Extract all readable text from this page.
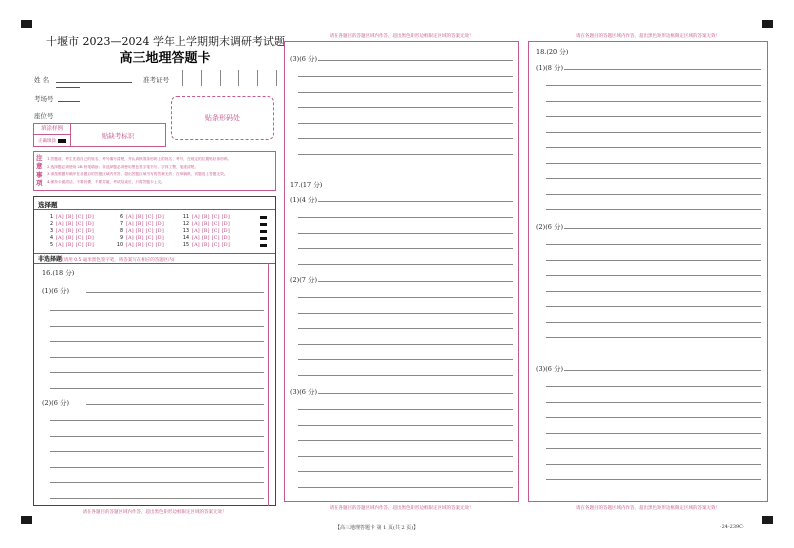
十堰市 2023—2024 学年上学期期末调研考试题
高三地理答题卡
姓 名	准考证号
考场号
座位号	贴条形码处
填涂样例
正确填涂
贴缺考标识
注
意
事
项
1.答题前，考生先将自己的姓名、考号填写清楚，并认真核准条形码上的姓名、考号，在规定的位置贴好条形码。
2.选择题必须使用 2B 铅笔填涂；非选择题必须使用黑色签字笔书写，字体工整，笔迹清楚。
3.请按照题号顺序在各题目的答题区域内作答，超出答题区域书写的答案无效；在草稿纸、试题卷上答题无效。
4.保持卡面清洁，不要折叠，不要弄破，考试结束后，只将答题卡上交。
选择题
1 [A] [B] [C] [D]
2 [A] [B] [C] [D]
3 [A] [B] [C] [D]
4 [A] [B] [C] [D]
5 [A] [B] [C] [D]
6 [A] [B] [C] [D]
7 [A] [B] [C] [D]
8 [A] [B] [C] [D]
9 [A] [B] [C] [D]
10 [A] [B] [C] [D]
11 [A] [B] [C] [D]
12 [A] [B] [C] [D]
13 [A] [B] [C] [D]
14 [A] [B] [C] [D]
15 [A] [B] [C] [D]
非选择题(请用 0.5 毫米黑色签字笔，将答案写在相应的答题区内)
16.(18 分)
(1)(6 分)
(2)(6 分)
请在各题目的答题区域内作答，超出黑色矩形边框限定区域的答案无效！
(3)(6 分)
17.(17 分)
(1)(4 分)
(2)(7 分)
(3)(6 分)
请在各题目的答题区域内作答，超出黑色矩形边框限定区域的答案无效！
请在各题目的答题区域内作答，超出黑色矩形边框限定区域的答案无效！
18.(20 分)
(1)(8 分)
(2)(6 分)
(3)(6 分)
请在各题目的答题区域内作答，超出黑色矩形边框限定区域的答案无效！
请在各题目的答题区域内作答，超出黑色矩形边框限定区域的答案无效！
【高三地理答题卡 第 1 页(共 2 页)】	·24-239C·
